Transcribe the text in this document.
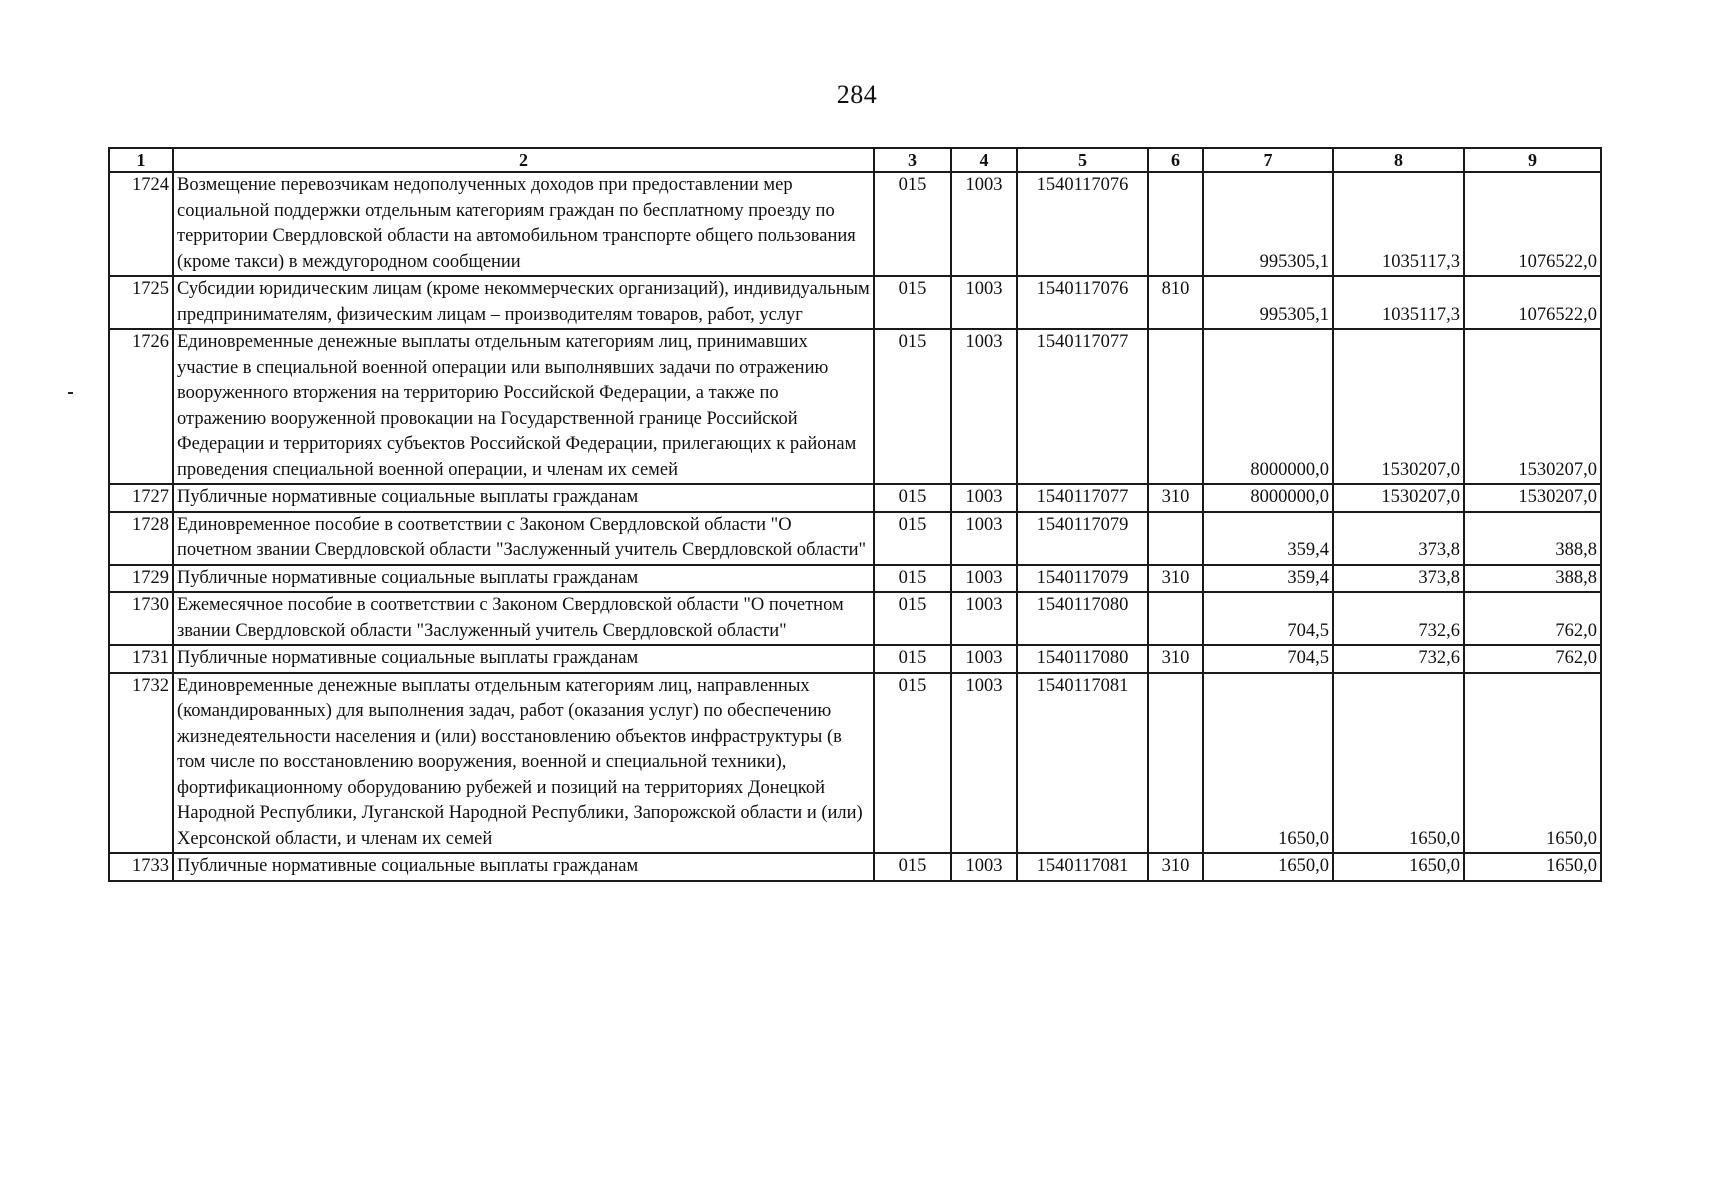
284
1	2	3	4	5	6	7	8	9
1724	Возмещение перевозчикам недополученных доходов при предоставлении мер социальной поддержки отдельным категориям граждан по бесплатному проезду по территории Свердловской области на автомобильном транспорте общего пользования (кроме такси) в междугородном сообщении	015	1003	1540117076		995305,1	1035117,3	1076522,0
1725	Субсидии юридическим лицам (кроме некоммерческих организаций), индивидуальным предпринимателям, физическим лицам – производителям товаров, работ, услуг	015	1003	1540117076	810	995305,1	1035117,3	1076522,0
1726	Единовременные денежные выплаты отдельным категориям лиц, принимавших участие в специальной военной операции или выполнявших задачи по отражению вооруженного вторжения на территорию Российской Федерации, а также по отражению вооруженной провокации на Государственной границе Российской Федерации и территориях субъектов Российской Федерации, прилегающих к районам проведения специальной военной операции, и членам их семей	015	1003	1540117077		8000000,0	1530207,0	1530207,0
1727	Публичные нормативные социальные выплаты гражданам	015	1003	1540117077	310	8000000,0	1530207,0	1530207,0
1728	Единовременное пособие в соответствии с Законом Свердловской области "О почетном звании Свердловской области "Заслуженный учитель Свердловской области"	015	1003	1540117079		359,4	373,8	388,8
1729	Публичные нормативные социальные выплаты гражданам	015	1003	1540117079	310	359,4	373,8	388,8
1730	Ежемесячное пособие в соответствии с Законом Свердловской области "О почетном звании Свердловской области "Заслуженный учитель Свердловской области"	015	1003	1540117080		704,5	732,6	762,0
1731	Публичные нормативные социальные выплаты гражданам	015	1003	1540117080	310	704,5	732,6	762,0
1732	Единовременные денежные выплаты отдельным категориям лиц, направленных (командированных) для выполнения задач, работ (оказания услуг) по обеспечению жизнедеятельности населения и (или) восстановлению объектов инфраструктуры (в том числе по восстановлению вооружения, военной и специальной техники), фортификационному оборудованию рубежей и позиций на территориях Донецкой Народной Республики, Луганской Народной Республики, Запорожской области и (или) Херсонской области, и членам их семей	015	1003	1540117081		1650,0	1650,0	1650,0
1733	Публичные нормативные социальные выплаты гражданам	015	1003	1540117081	310	1650,0	1650,0	1650,0
